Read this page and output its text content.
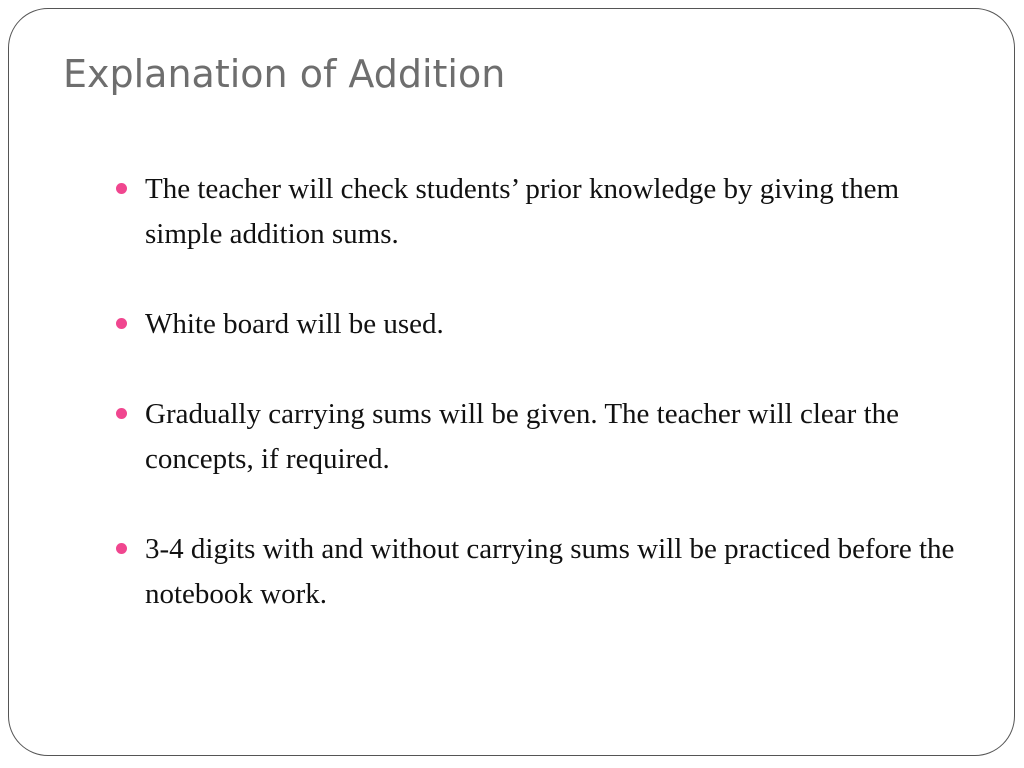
Explanation of Addition
The teacher will check students’ prior knowledge by giving them simple addition sums.
White board will be used.
Gradually carrying sums will be given. The teacher will clear the concepts, if required.
3-4 digits with and without carrying sums will be practiced before the notebook work.
